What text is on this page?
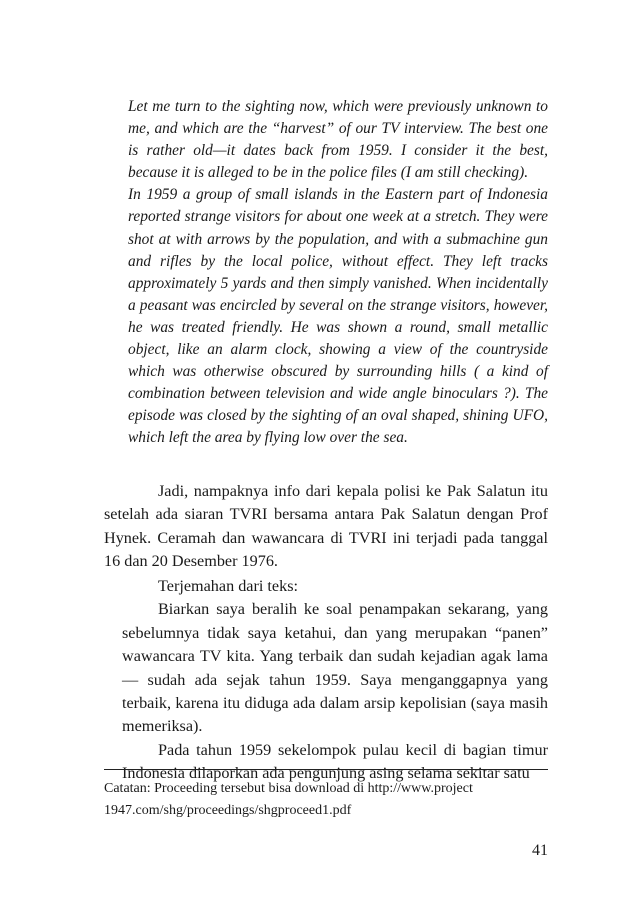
Let me turn to the sighting now, which were previously unknown to me, and which are the “harvest” of our TV interview. The best one is rather old—it dates back from 1959. I consider it the best, because it is alleged to be in the police files (I am still checking).

In 1959 a group of small islands in the Eastern part of Indonesia reported strange visitors for about one week at a stretch. They were shot at with arrows by the population, and with a submachine gun and rifles by the local police, without effect. They left tracks approximately 5 yards and then simply vanished. When incidentally a peasant was encircled by several on the strange visitors, however, he was treated friendly. He was shown a round, small metallic object, like an alarm clock, showing a view of the countryside which was otherwise obscured by surrounding hills ( a kind of combination between television and wide angle binoculars ?). The episode was closed by the sighting of an oval shaped, shining UFO, which left the area by flying low over the sea.

Jadi, nampaknya info dari kepala polisi ke Pak Salatun itu setelah ada siaran TVRI bersama antara Pak Salatun dengan Prof Hynek. Ceramah dan wawancara di TVRI ini terjadi pada tanggal 16 dan 20 Desember 1976.

Terjemahan dari teks:

Biarkan saya beralih ke soal penampakan sekarang, yang sebelumnya tidak saya ketahui, dan yang merupakan “panen” wawancara TV kita. Yang terbaik dan sudah kejadian agak lama — sudah ada sejak tahun 1959. Saya menganggapnya yang terbaik, karena itu diduga ada dalam arsip kepolisian (saya masih memeriksa).

Pada tahun 1959 sekelompok pulau kecil di bagian timur Indonesia dilaporkan ada pengunjung asing selama sekitar satu

Catatan: Proceeding tersebut bisa download di http://www.project

1947.com/shg/proceedings/shgproceed1.pdf

41
